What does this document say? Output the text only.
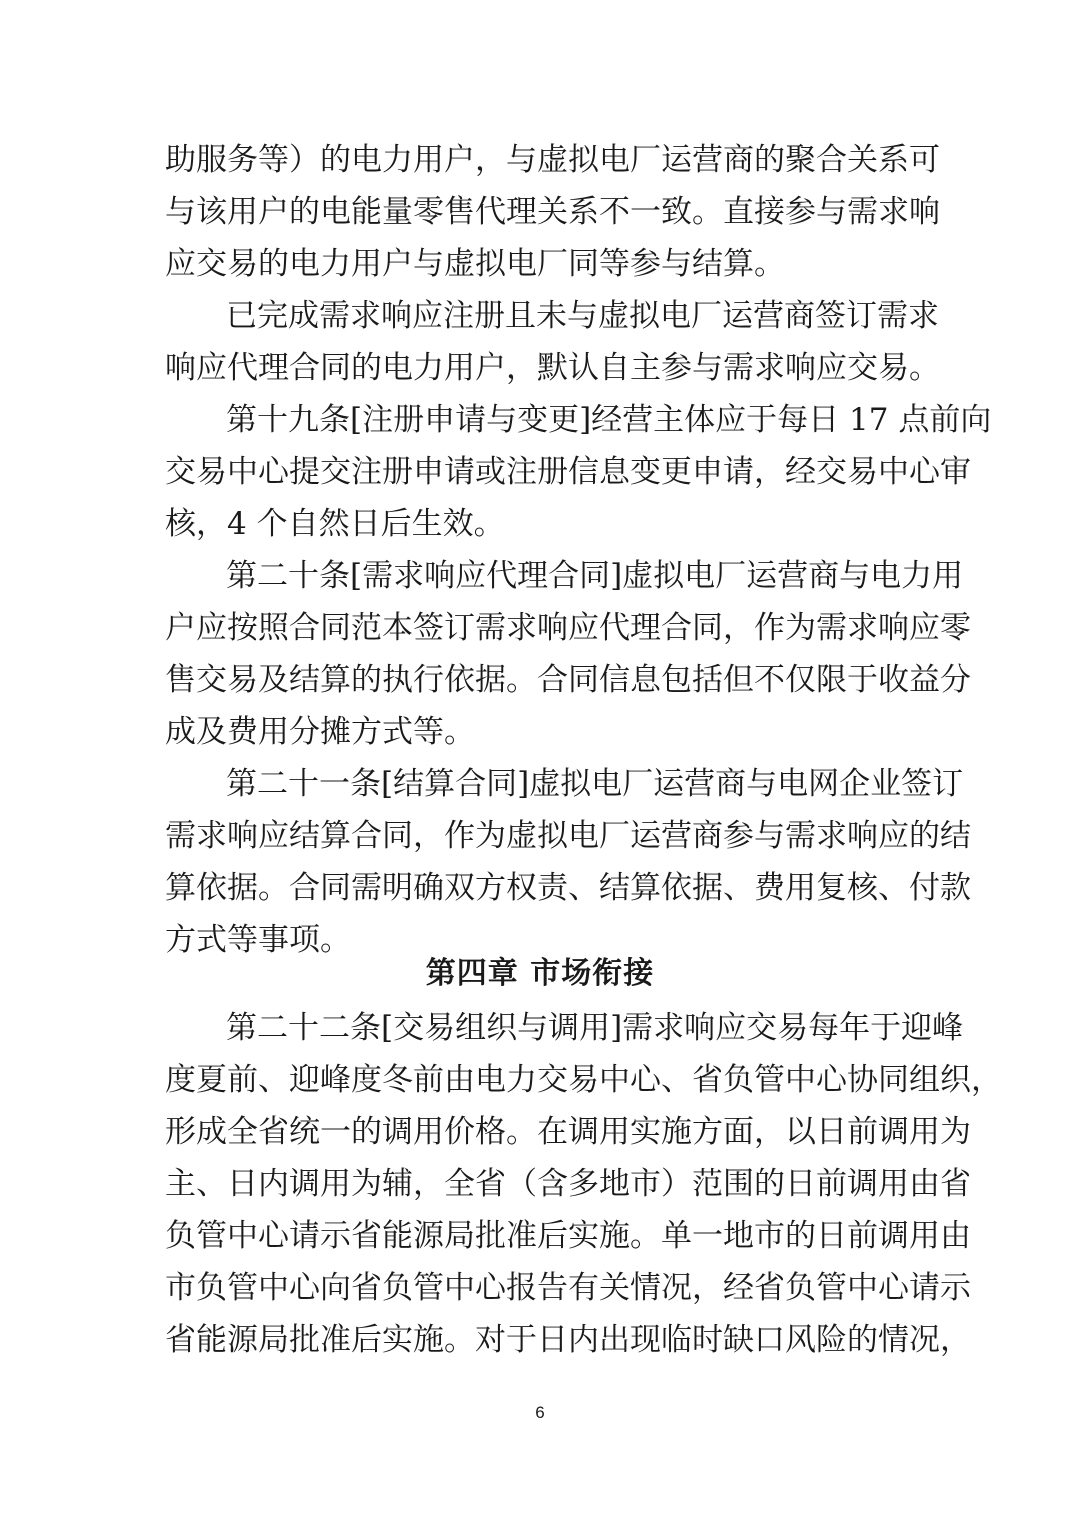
助服务等）的电力用户，与虚拟电厂运营商的聚合关系可
与该用户的电能量零售代理关系不一致。直接参与需求响
应交易的电力用户与虚拟电厂同等参与结算。
已完成需求响应注册且未与虚拟电厂运营商签订需求
响应代理合同的电力用户，默认自主参与需求响应交易。
第十九条[注册申请与变更]经营主体应于每日 17 点前向
交易中心提交注册申请或注册信息变更申请，经交易中心审
核，4 个自然日后生效。
第二十条[需求响应代理合同]虚拟电厂运营商与电力用
户应按照合同范本签订需求响应代理合同，作为需求响应零
售交易及结算的执行依据。合同信息包括但不仅限于收益分
成及费用分摊方式等。
第二十一条[结算合同]虚拟电厂运营商与电网企业签订
需求响应结算合同，作为虚拟电厂运营商参与需求响应的结
算依据。合同需明确双方权责、结算依据、费用复核、付款
方式等事项。
第四章 市场衔接
第二十二条[交易组织与调用]需求响应交易每年于迎峰
度夏前、迎峰度冬前由电力交易中心、省负管中心协同组织，
形成全省统一的调用价格。在调用实施方面，以日前调用为
主、日内调用为辅，全省（含多地市）范围的日前调用由省
负管中心请示省能源局批准后实施。单一地市的日前调用由
市负管中心向省负管中心报告有关情况，经省负管中心请示
省能源局批准后实施。对于日内出现临时缺口风险的情况，
6
